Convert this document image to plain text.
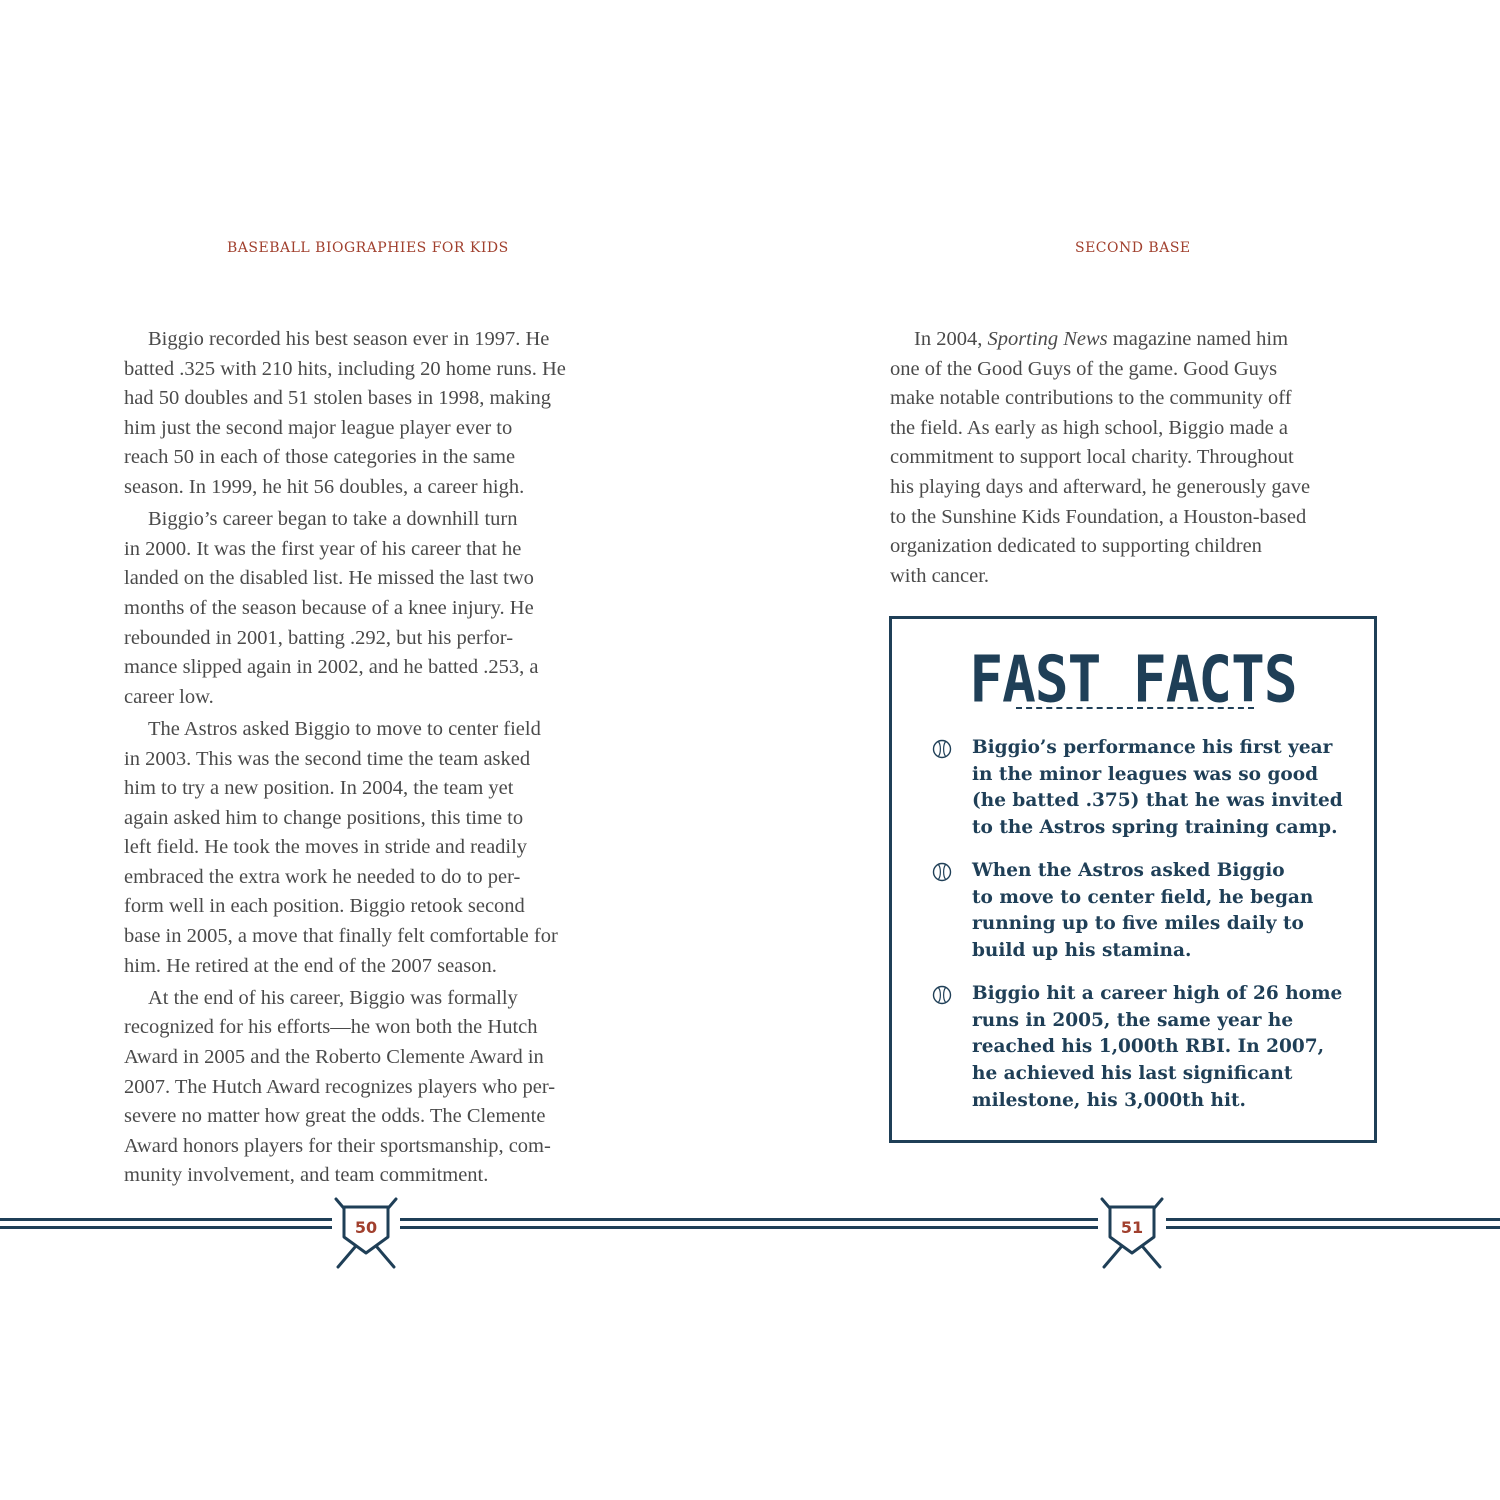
BASEBALL BIOGRAPHIES FOR KIDS	SECOND BASE
Biggio recorded his best season ever in 1997. He
batted .325 with 210 hits, including 20 home runs. He
had 50 doubles and 51 stolen bases in 1998, making
him just the second major league player ever to
reach 50 in each of those categories in the same
season. In 1999, he hit 56 doubles, a career high.
Biggio’s career began to take a downhill turn
in 2000. It was the first year of his career that he
landed on the disabled list. He missed the last two
months of the season because of a knee injury. He
rebounded in 2001, batting .292, but his perfor-
mance slipped again in 2002, and he batted .253, a
career low.
The Astros asked Biggio to move to center field
in 2003. This was the second time the team asked
him to try a new position. In 2004, the team yet
again asked him to change positions, this time to
left field. He took the moves in stride and readily
embraced the extra work he needed to do to per-
form well in each position. Biggio retook second
base in 2005, a move that finally felt comfortable for
him. He retired at the end of the 2007 season.
At the end of his career, Biggio was formally
recognized for his efforts—he won both the Hutch
Award in 2005 and the Roberto Clemente Award in
2007. The Hutch Award recognizes players who per-
severe no matter how great the odds. The Clemente
Award honors players for their sportsmanship, com-
munity involvement, and team commitment.
In 2004, Sporting News magazine named him
one of the Good Guys of the game. Good Guys
make notable contributions to the community off
the field. As early as high school, Biggio made a
commitment to support local charity. Throughout
his playing days and afterward, he generously gave
to the Sunshine Kids Foundation, a Houston-based
organization dedicated to supporting children
with cancer.
FAST FACTS
Biggio’s performance his first year
in the minor leagues was so good
(he batted .375) that he was invited
to the Astros spring training camp.
When the Astros asked Biggio
to move to center field, he began
running up to five miles daily to
build up his stamina.
Biggio hit a career high of 26 home
runs in 2005, the same year he
reached his 1,000th RBI. In 2007,
he achieved his last significant
milestone, his 3,000th hit.
50	51
